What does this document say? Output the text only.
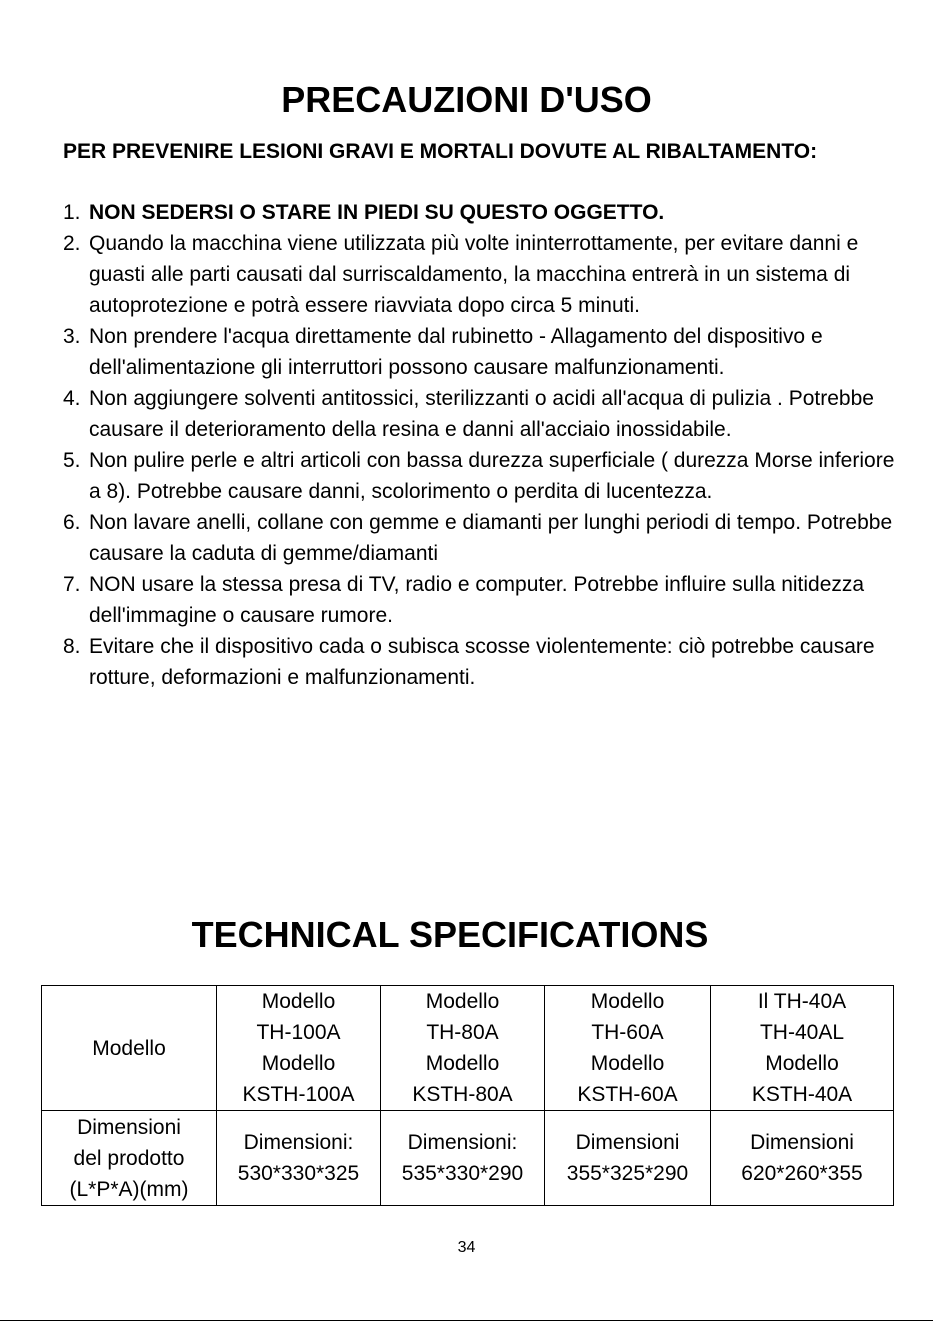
PRECAUZIONI D'USO

PER PREVENIRE LESIONI GRAVI E MORTALI DOVUTE AL RIBALTAMENTO:

1. NON SEDERSI O STARE IN PIEDI SU QUESTO OGGETTO.
2. Quando la macchina viene utilizzata più volte ininterrottamente, per evitare danni e guasti alle parti causati dal surriscaldamento, la macchina entrerà in un sistema di autoprotezione e potrà essere riavviata dopo circa 5 minuti.
3. Non prendere l'acqua direttamente dal rubinetto - Allagamento del dispositivo e dell'alimentazione gli interruttori possono causare malfunzionamenti.
4. Non aggiungere solventi antitossici, sterilizzanti o acidi all'acqua di pulizia . Potrebbe causare il deterioramento della resina e danni all'acciaio inossidabile.
5. Non pulire perle e altri articoli con bassa durezza superficiale ( durezza Morse inferiore a 8). Potrebbe causare danni, scolorimento o perdita di lucentezza.
6. Non lavare anelli, collane con gemme e diamanti per lunghi periodi di tempo. Potrebbe causare la caduta di gemme/diamanti
7. NON usare la stessa presa di TV, radio e computer. Potrebbe influire sulla nitidezza dell'immagine o causare rumore.
8. Evitare che il dispositivo cada o subisca scosse violentemente: ciò potrebbe causare rotture, deformazioni e malfunzionamenti.
TECHNICAL SPECIFICATIONS
Modello	Modello
TH-100A
Modello
KSTH-100A	Modello
TH-80A
Modello
KSTH-80A	Modello
TH-60A
Modello
KSTH-60A	Il TH-40A
TH-40AL
Modello
KSTH-40A

Dimensioni
del prodotto
(L*P*A)(mm)	Dimensioni:
530*330*325	Dimensioni:
535*330*290	Dimensioni
355*325*290	Dimensioni
620*260*355
34
